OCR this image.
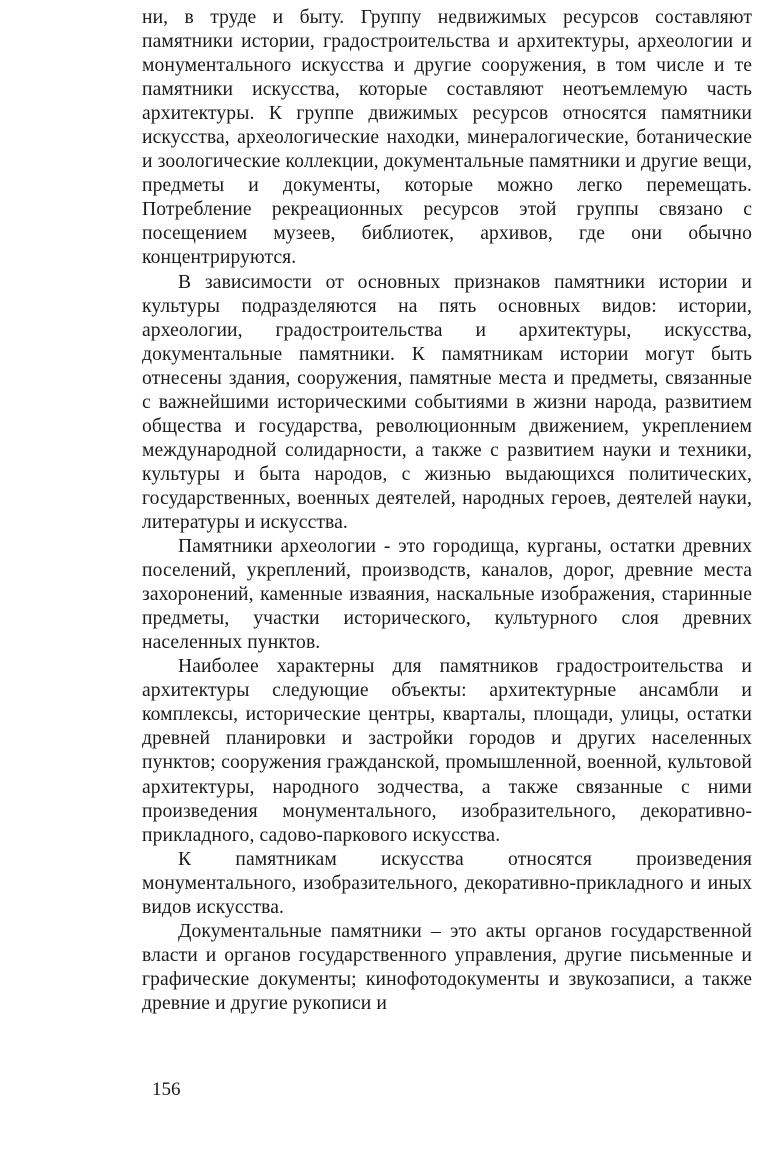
ни, в труде и быту. Группу недвижимых ресурсов составляют памятники истории, градостроительства и архитектуры, археологии и монументального искусства и другие сооружения, в том числе и те памятники искусства, которые составляют неотъемлемую часть архитектуры. К группе движимых ресурсов относятся памятники искусства, археологические находки, минералогические, ботанические и зоологические коллекции, документальные памятники и другие вещи, предметы и документы, которые можно легко перемещать. Потребление рекреационных ресурсов этой группы связано с посещением музеев, библиотек, архивов, где они обычно концентрируются.

В зависимости от основных признаков памятники истории и культуры подразделяются на пять основных видов: истории, археологии, градостроительства и архитектуры, искусства, документальные памятники. К памятникам истории могут быть отнесены здания, сооружения, памятные места и предметы, связанные с важнейшими историческими событиями в жизни народа, развитием общества и государства, революционным движением, укреплением международной солидарности, а также с развитием науки и техники, культуры и быта народов, с жизнью выдающихся политических, государственных, военных деятелей, народных героев, деятелей науки, литературы и искусства.

Памятники археологии - это городища, курганы, остатки древних поселений, укреплений, производств, каналов, дорог, древние места захоронений, каменные изваяния, наскальные изображения, старинные предметы, участки исторического, культурного слоя древних населенных пунктов.

Наиболее характерны для памятников градостроительства и архитектуры следующие объекты: архитектурные ансамбли и комплексы, исторические центры, кварталы, площади, улицы, остатки древней планировки и застройки городов и других населенных пунктов; сооружения гражданской, промышленной, военной, культовой архитектуры, народного зодчества, а также связанные с ними произведения монументального, изобразительного, декоративно-прикладного, садово-паркового искусства.

К памятникам искусства относятся произведения монументального, изобразительного, декоративно-прикладного и иных видов искусства.

Документальные памятники – это акты органов государственной власти и органов государственного управления, другие письменные и графические документы; кинофотодокументы и звукозаписи, а также древние и другие рукописи и

156
